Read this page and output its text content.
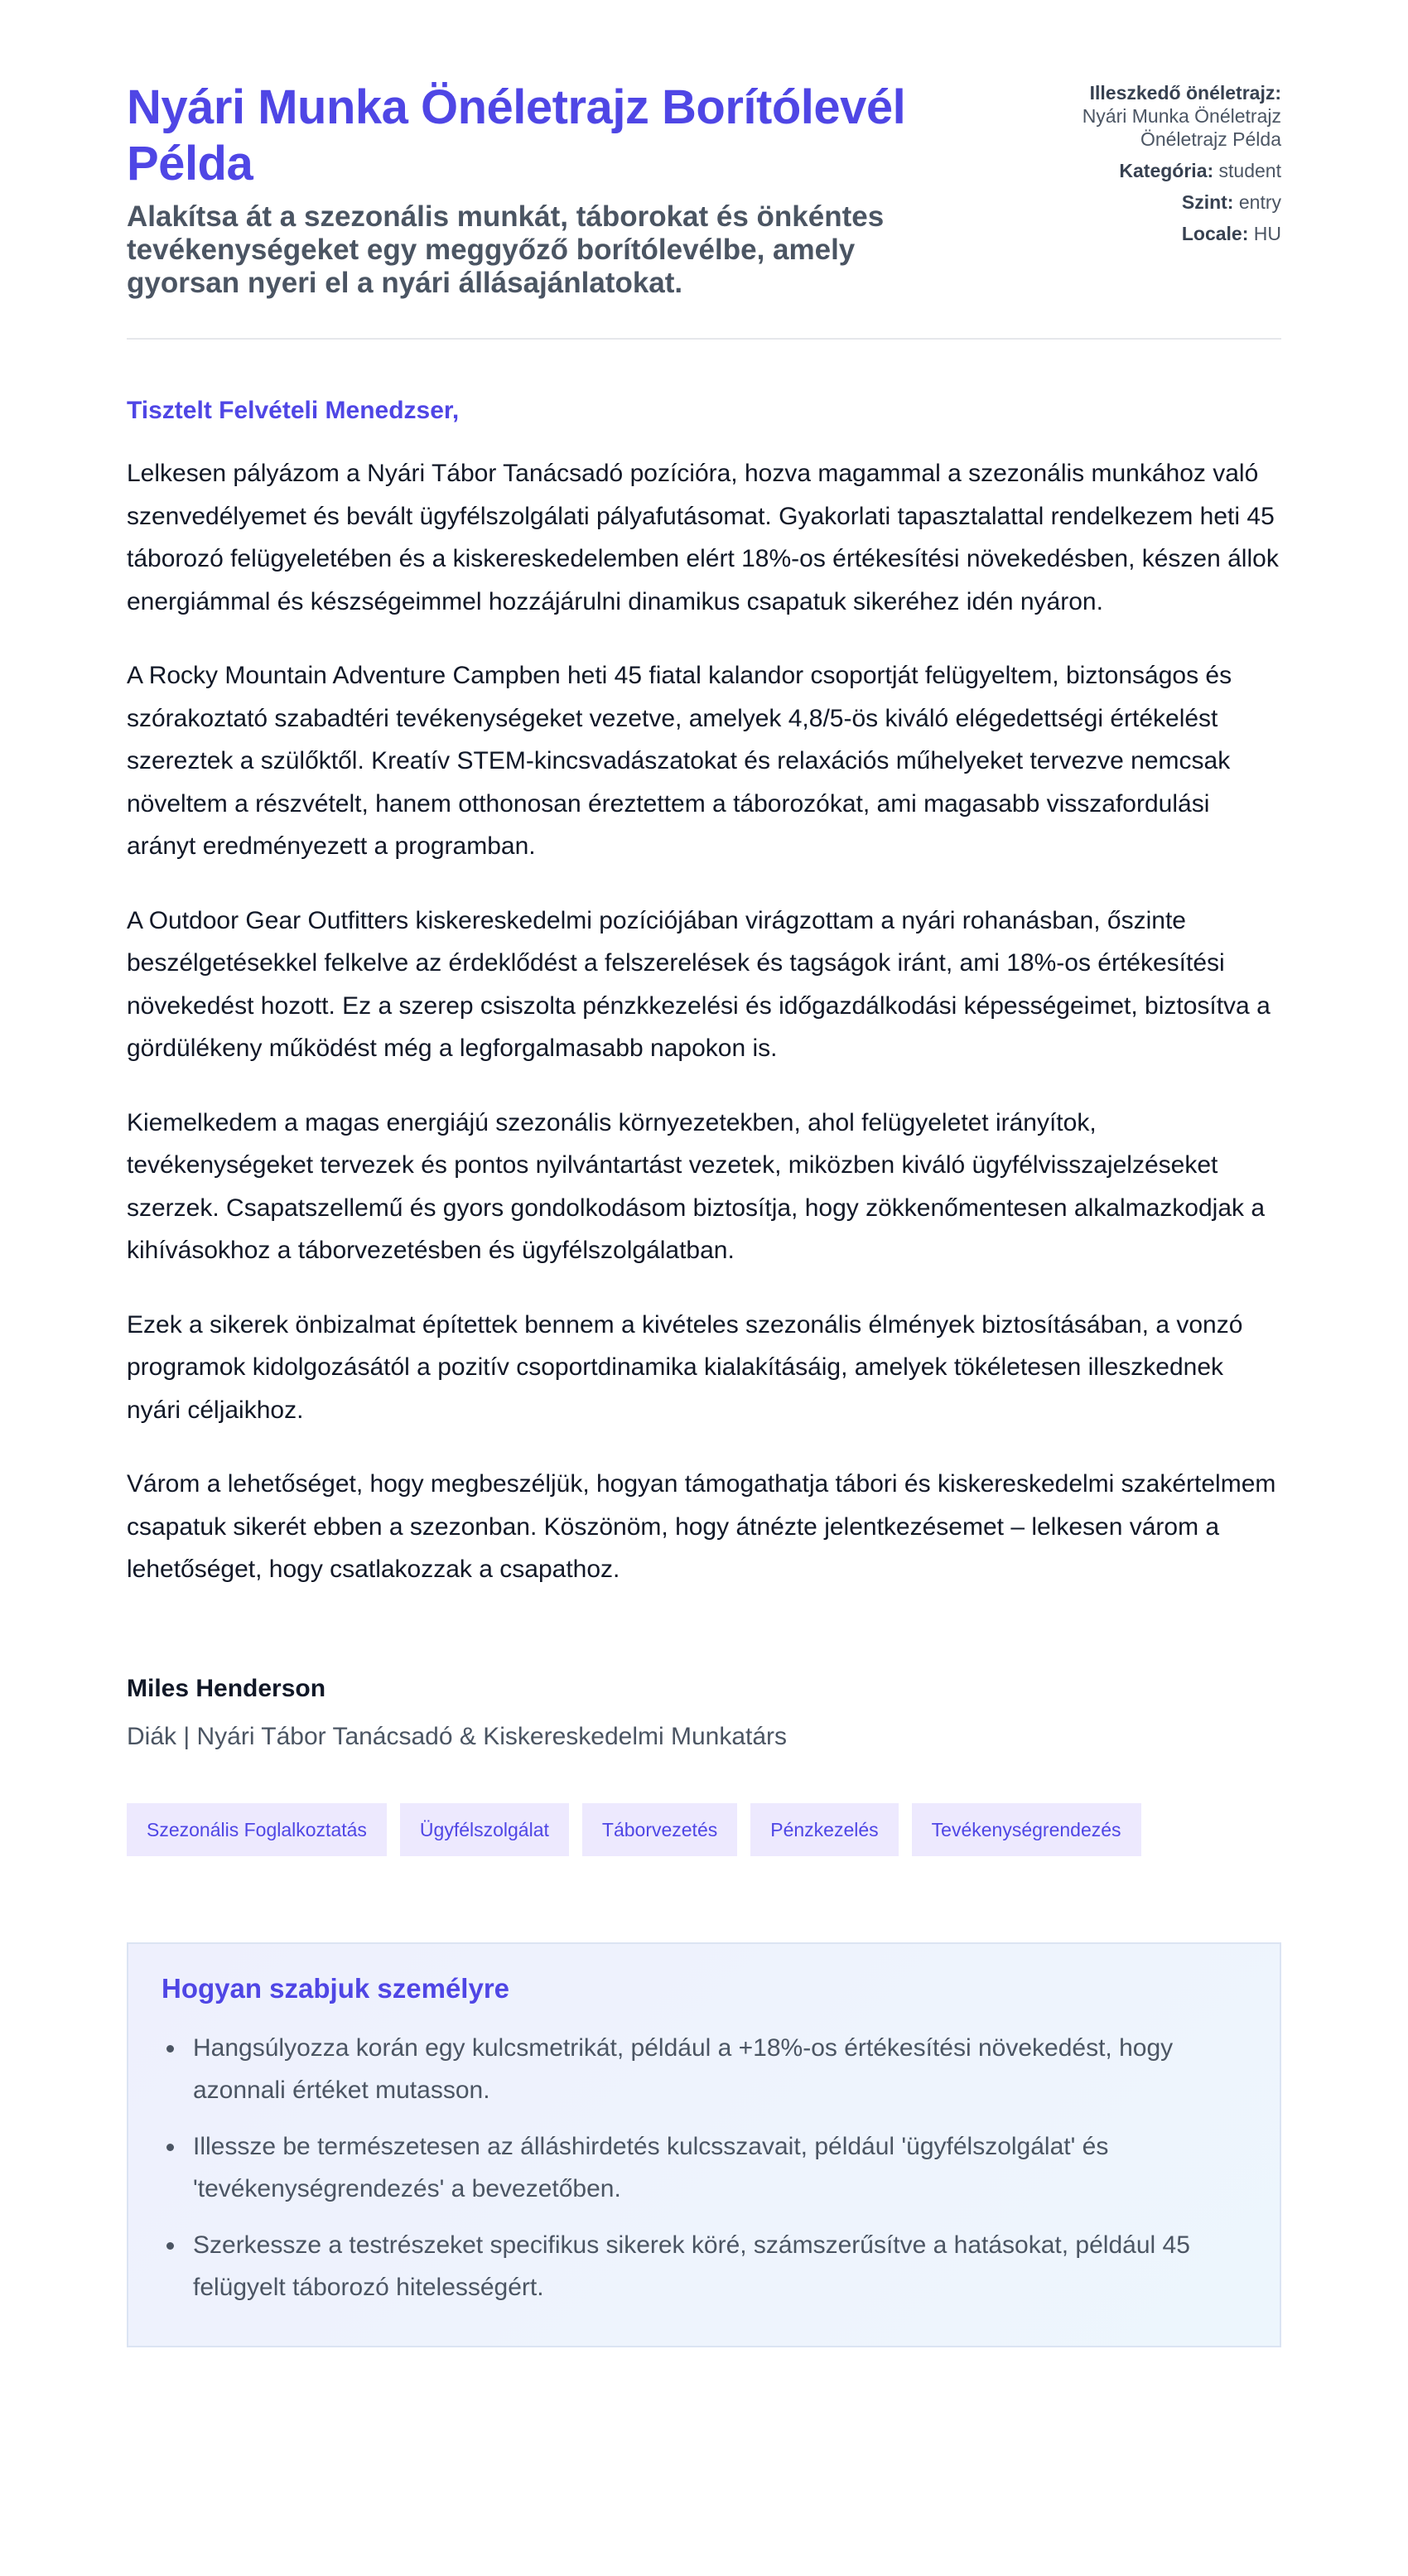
Nyári Munka Önéletrajz Borítólevél Példa

Alakítsa át a szezonális munkát, táborokat és önkéntes tevékenységeket egy meggyőző borítólevélbe, amely gyorsan nyeri el a nyári állásajánlatokat.

Illeszkedő önéletrajz:
Nyári Munka Önéletrajz Önéletrajz Példa
Kategória: student
Szint: entry
Locale: HU

Tisztelt Felvételi Menedzser,

Lelkesen pályázom a Nyári Tábor Tanácsadó pozícióra, hozva magammal a szezonális munkához való szenvedélyemet és bevált ügyfélszolgálati pályafutásomat. Gyakorlati tapasztalattal rendelkezem heti 45 táborozó felügyeletében és a kiskereskedelemben elért 18%-os értékesítési növekedésben, készen állok energiámmal és készségeimmel hozzájárulni dinamikus csapatuk sikeréhez idén nyáron.

A Rocky Mountain Adventure Campben heti 45 fiatal kalandor csoportját felügyeltem, biztonságos és szórakoztató szabadtéri tevékenységeket vezetve, amelyek 4,8/5-ös kiváló elégedettségi értékelést szereztek a szülőktől. Kreatív STEM-kincsvadászatokat és relaxációs műhelyeket tervezve nemcsak növeltem a részvételt, hanem otthonosan éreztettem a táborozókat, ami magasabb visszafordulási arányt eredményezett a programban.

A Outdoor Gear Outfitters kiskereskedelmi pozíciójában virágzottam a nyári rohanásban, őszinte beszélgetésekkel felkelve az érdeklődést a felszerelések és tagságok iránt, ami 18%-os értékesítési növekedést hozott. Ez a szerep csiszolta pénzkkezelési és időgazdálkodási képességeimet, biztosítva a gördülékeny működést még a legforgalmasabb napokon is.

Kiemelkedem a magas energiájú szezonális környezetekben, ahol felügyeletet irányítok, tevékenységeket tervezek és pontos nyilvántartást vezetek, miközben kiváló ügyfélvisszajelzéseket szerzek. Csapatszellemű és gyors gondolkodásom biztosítja, hogy zökkenőmentesen alkalmazkodjak a kihívásokhoz a táborvezetésben és ügyfélszolgálatban.

Ezek a sikerek önbizalmat építettek bennem a kivételes szezonális élmények biztosításában, a vonzó programok kidolgozásától a pozitív csoportdinamika kialakításáig, amelyek tökéletesen illeszkednek nyári céljaikhoz.

Várom a lehetőséget, hogy megbeszéljük, hogyan támogathatja tábori és kiskereskedelmi szakértelmem csapatuk sikerét ebben a szezonban. Köszönöm, hogy átnézte jelentkezésemet – lelkesen várom a lehetőséget, hogy csatlakozzak a csapathoz.

Miles Henderson
Diák | Nyári Tábor Tanácsadó & Kiskereskedelmi Munkatárs
Szezonális Foglalkoztatás	Ügyfélszolgálat	Táborvezetés	Pénzkezelés	Tevékenységrendezés
Hogyan szabjuk személyre
Hangsúlyozza korán egy kulcsmetrikát, például a +18%-os értékesítési növekedést, hogy azonnali értéket mutasson.
Illessze be természetesen az álláshirdetés kulcsszavait, például 'ügyfélszolgálat' és 'tevékenységrendezés' a bevezetőben.
Szerkessze a testrészeket specifikus sikerek köré, számszerűsítve a hatásokat, például 45 felügyelt táborozó hitelességért.
